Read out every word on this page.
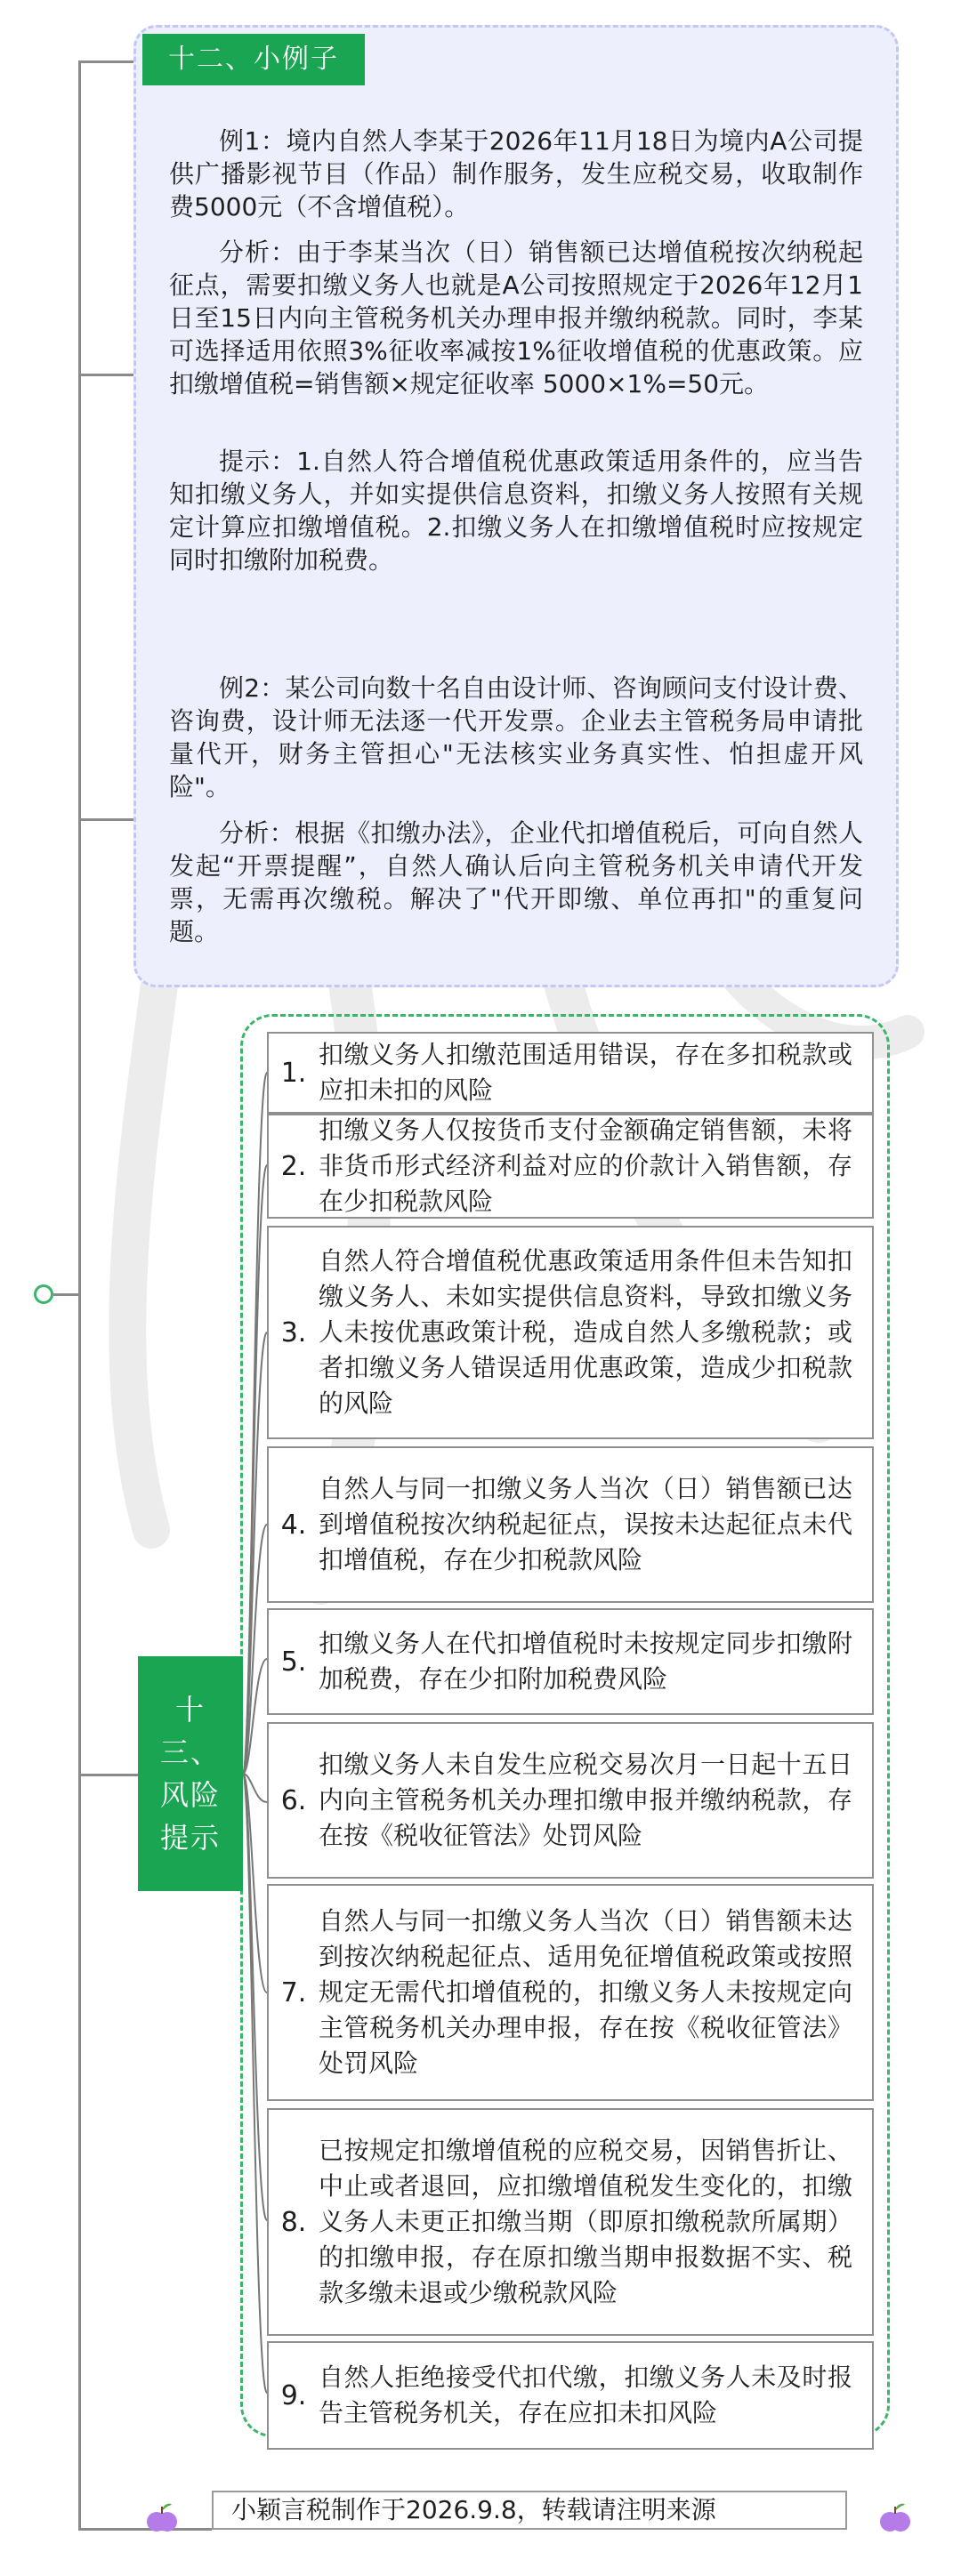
十二、小例子

例1：境内自然人李某于2026年11月18日为境内A公司提供广播影视节目（作品）制作服务，发生应税交易，收取制作费5000元（不含增值税）。

分析：由于李某当次（日）销售额已达增值税按次纳税起征点，需要扣缴义务人也就是A公司按照规定于2026年12月1日至15日内向主管税务机关办理申报并缴纳税款。同时，李某可选择适用依照3%征收率减按1%征收增值税的优惠政策。应扣缴增值税=销售额×规定征收率 5000×1%=50元。

提示：1.自然人符合增值税优惠政策适用条件的，应当告知扣缴义务人，并如实提供信息资料，扣缴义务人按照有关规定计算应扣缴增值税。2.扣缴义务人在扣缴增值税时应按规定同时扣缴附加税费。

例2：某公司向数十名自由设计师、咨询顾问支付设计费、咨询费，设计师无法逐一代开发票。企业去主管税务局申请批量代开，财务主管担心"无法核实业务真实性、怕担虚开风险"。

分析：根据《扣缴办法》，企业代扣增值税后，可向自然人发起“开票提醒”，自然人确认后向主管税务机关申请代开发票，无需再次缴税。解决了"代开即缴、单位再扣"的重复问题。

十三、风险提示
1.
扣缴义务人扣缴范围适用错误，存在多扣税款或应扣未扣的风险
2.
扣缴义务人仅按货币支付金额确定销售额，未将非货币形式经济利益对应的价款计入销售额，存在少扣税款风险
3.
自然人符合增值税优惠政策适用条件但未告知扣缴义务人、未如实提供信息资料，导致扣缴义务人未按优惠政策计税，造成自然人多缴税款；或者扣缴义务人错误适用优惠政策，造成少扣税款的风险
4.
自然人与同一扣缴义务人当次（日）销售额已达到增值税按次纳税起征点，误按未达起征点未代扣增值税，存在少扣税款风险
5.
扣缴义务人在代扣增值税时未按规定同步扣缴附加税费，存在少扣附加税费风险
6.
扣缴义务人未自发生应税交易次月一日起十五日内向主管税务机关办理扣缴申报并缴纳税款，存在按《税收征管法》处罚风险
7.
自然人与同一扣缴义务人当次（日）销售额未达到按次纳税起征点、适用免征增值税政策或按照规定无需代扣增值税的，扣缴义务人未按规定向主管税务机关办理申报，存在按《税收征管法》处罚风险
8.
已按规定扣缴增值税的应税交易，因销售折让、中止或者退回，应扣缴增值税发生变化的，扣缴义务人未更正扣缴当期（即原扣缴税款所属期）的扣缴申报，存在原扣缴当期申报数据不实、税款多缴未退或少缴税款风险
9.
自然人拒绝接受代扣代缴，扣缴义务人未及时报告主管税务机关，存在应扣未扣风险
小颖言税制作于2026.9.8，转载请注明来源
